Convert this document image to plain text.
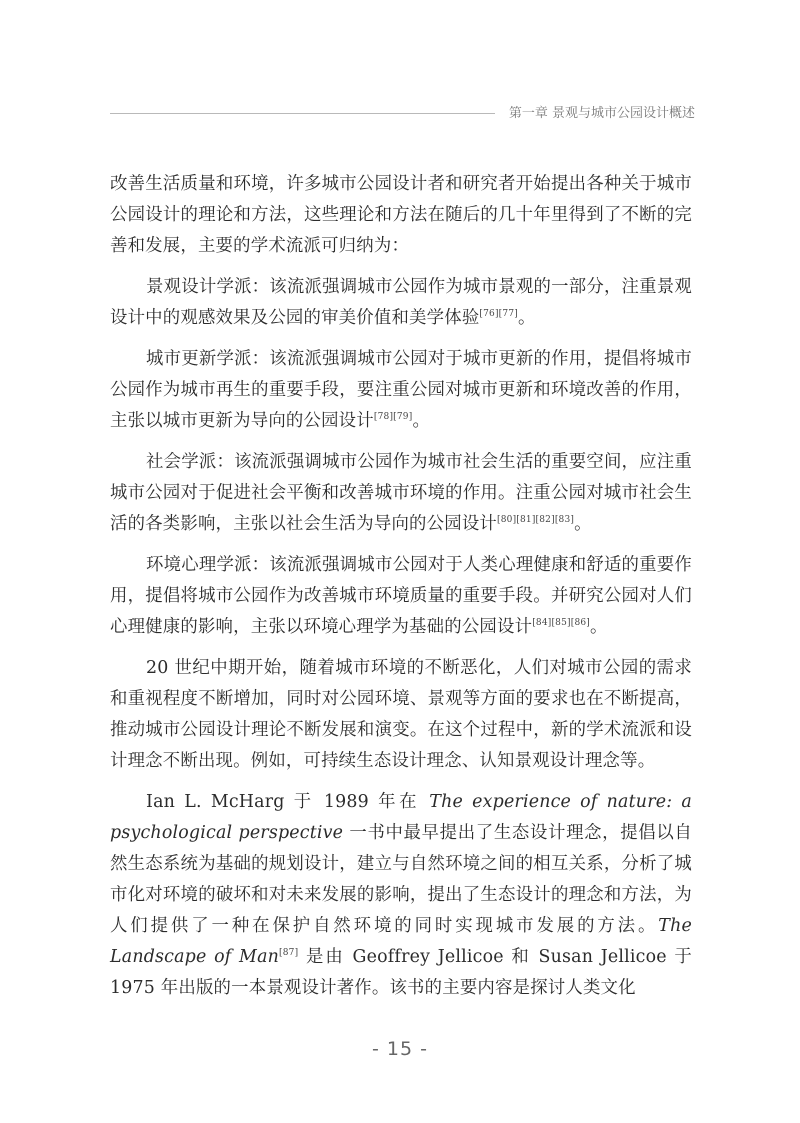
第一章 景观与城市公园设计概述

改善生活质量和环境，许多城市公园设计者和研究者开始提出各种关于城市公园设计的理论和方法，这些理论和方法在随后的几十年里得到了不断的完善和发展，主要的学术流派可归纳为：

景观设计学派：该流派强调城市公园作为城市景观的一部分，注重景观设计中的观感效果及公园的审美价值和美学体验[76][77]。

城市更新学派：该流派强调城市公园对于城市更新的作用，提倡将城市公园作为城市再生的重要手段，要注重公园对城市更新和环境改善的作用，主张以城市更新为导向的公园设计[78][79]。

社会学派：该流派强调城市公园作为城市社会生活的重要空间，应注重城市公园对于促进社会平衡和改善城市环境的作用。注重公园对城市社会生活的各类影响，主张以社会生活为导向的公园设计[80][81][82][83]。

环境心理学派：该流派强调城市公园对于人类心理健康和舒适的重要作用，提倡将城市公园作为改善城市环境质量的重要手段。并研究公园对人们心理健康的影响，主张以环境心理学为基础的公园设计[84][85][86]。

20 世纪中期开始，随着城市环境的不断恶化，人们对城市公园的需求和重视程度不断增加，同时对公园环境、景观等方面的要求也在不断提高，推动城市公园设计理论不断发展和演变。在这个过程中，新的学术流派和设计理念不断出现。例如，可持续生态设计理念、认知景观设计理念等。

Ian L. McHarg 于 1989 年在 The experience of nature: a psychological perspective 一书中最早提出了生态设计理念，提倡以自然生态系统为基础的规划设计，建立与自然环境之间的相互关系，分析了城市化对环境的破坏和对未来发展的影响，提出了生态设计的理念和方法，为人们提供了一种在保护自然环境的同时实现城市发展的方法。The Landscape of Man[87] 是由 Geoffrey Jellicoe 和 Susan Jellicoe 于 1975 年出版的一本景观设计著作。该书的主要内容是探讨人类文化

- 15 -
